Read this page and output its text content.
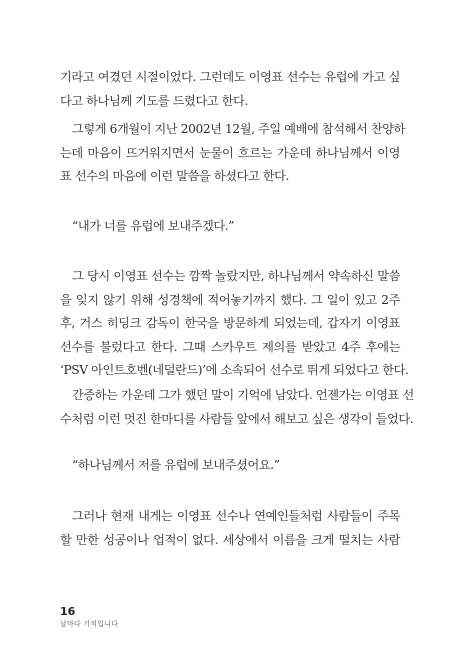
기라고 여겼던 시절이었다. 그런데도 이영표 선수는 유럽에 가고 싶
다고 하나님께 기도를 드렸다고 한다.
그렇게 6개월이 지난 2002년 12월, 주일 예배에 참석해서 찬양하
는데 마음이 뜨거워지면서 눈물이 흐르는 가운데 하나님께서 이영
표 선수의 마음에 이런 말씀을 하셨다고 한다.
“내가 너를 유럽에 보내주겠다.”
그 당시 이영표 선수는 깜짝 놀랐지만, 하나님께서 약속하신 말씀
을 잊지 않기 위해 성경책에 적어놓기까지 했다. 그 일이 있고 2주
후, 거스 히딩크 감독이 한국을 방문하게 되었는데, 갑자기 이영표
선수를 불렀다고 한다. 그때 스카우트 제의를 받았고 4주 후에는
‘PSV 아인트호벤(네덜란드)’에 소속되어 선수로 뛰게 되었다고 한다.
간증하는 가운데 그가 했던 말이 기억에 남았다. 언젠가는 이영표 선
수처럼 이런 멋진 한마디를 사람들 앞에서 해보고 싶은 생각이 들었다.
“하나님께서 저를 유럽에 보내주셨어요.”
그러나 현재 내게는 이영표 선수나 연예인들처럼 사람들이 주목
할 만한 성공이나 업적이 없다. 세상에서 이름을 크게 떨치는 사람
16
날마다 기적입니다
